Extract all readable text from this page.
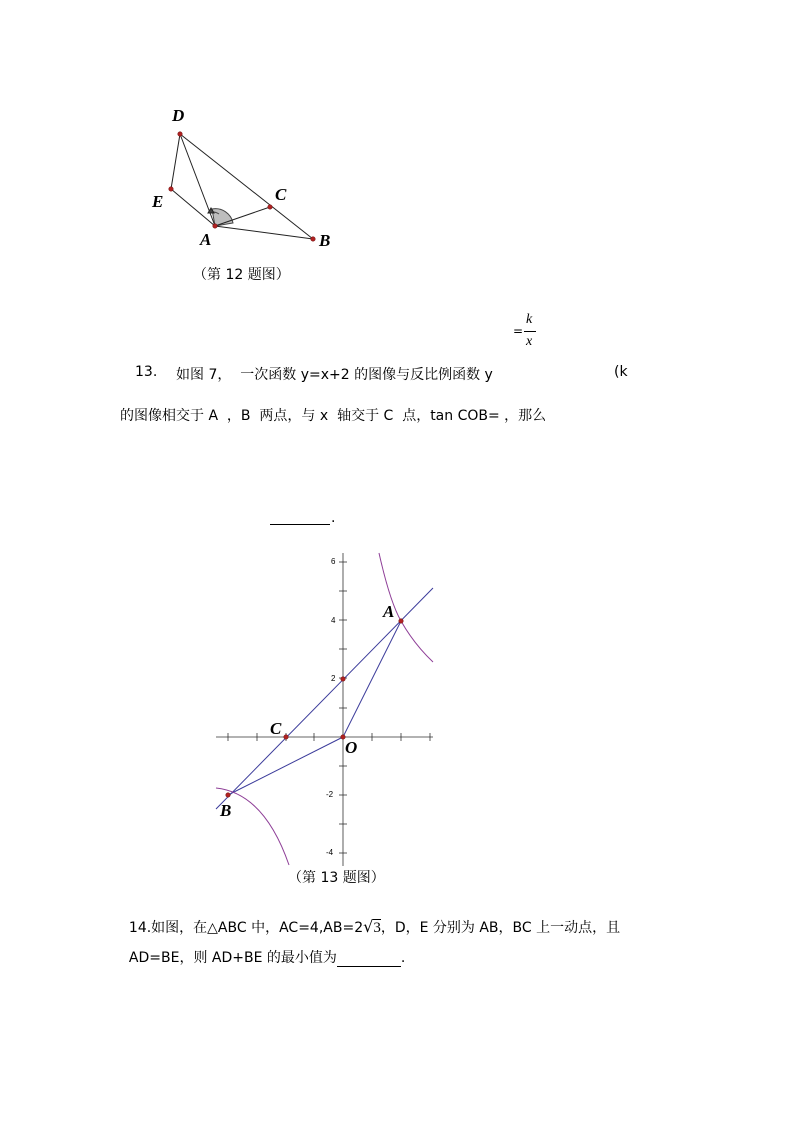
D
E	C
A	B
（第 12 题图）
=
k
x
13. 如图 7，  一次函数 y=x+2 的图像与反比例函数 y	(k
的图像相交于 A  ，B  两点，与 x  轴交于 C  点，tan COB= ，那么
.
6
4
2
-2
-4
A
B
C
O
（第 13 题图）

14.如图，在△ABC 中，AC=4,AB=2√3，D，E 分别为 AB，BC 上一动点，且

AD=BE，则 AD+BE 的最小值为	.
